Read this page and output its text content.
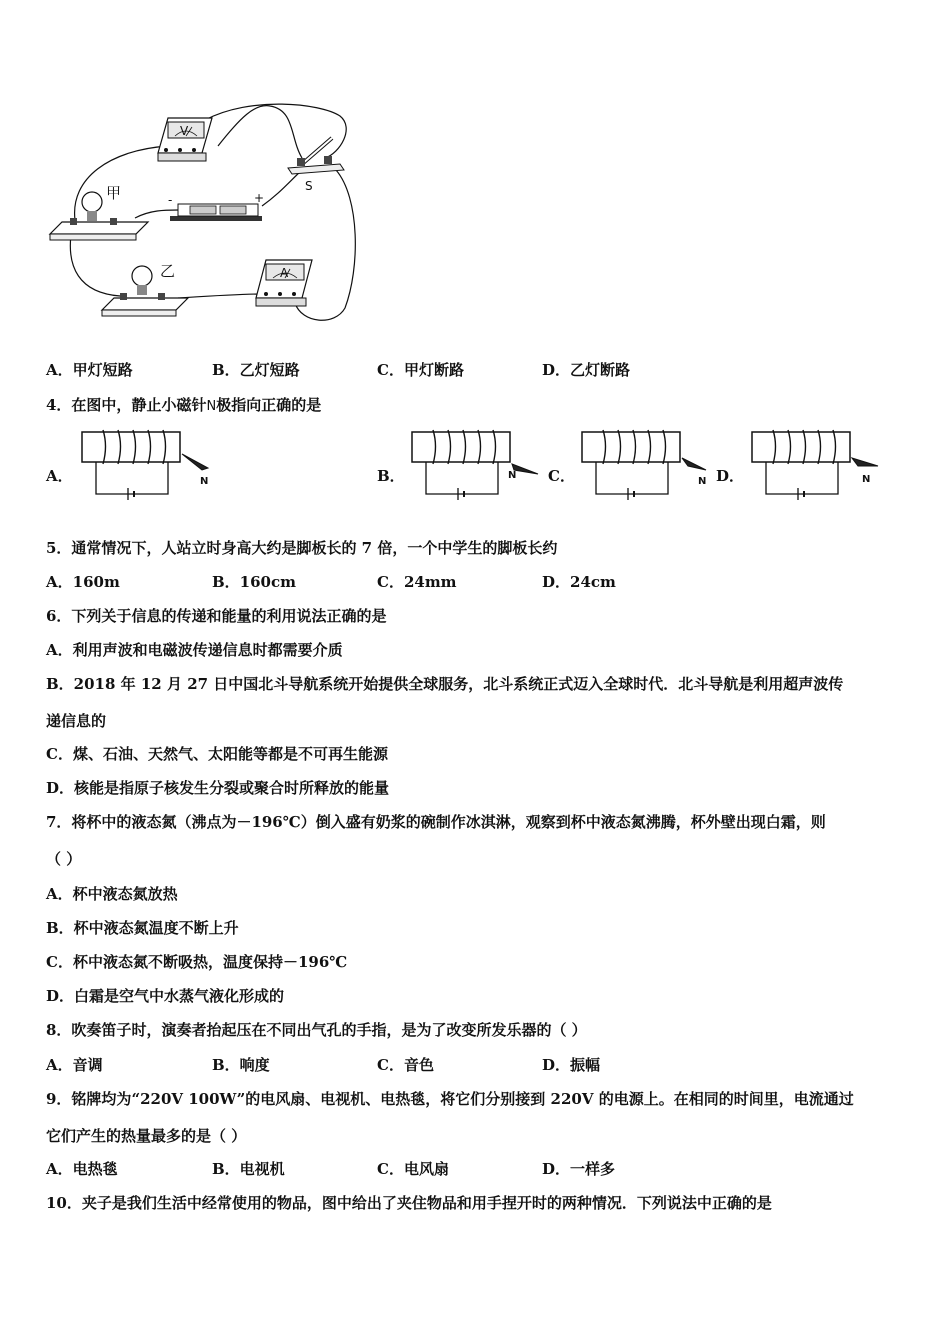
V
S
-	+
甲
乙	A
A．甲灯短路	B．乙灯短路	C．甲灯断路	D．乙灯断路
4．在图中，静止小磁针N极指向正确的是
A．	B．	C．	D．
N
N
N	N
5．通常情况下，人站立时身高大约是脚板长的 7 倍，一个中学生的脚板长约
A．160m	B．160cm	C．24mm	D．24cm
6．下列关于信息的传递和能量的利用说法正确的是
A．利用声波和电磁波传递信息时都需要介质
B．2018 年 12 月 27 日中国北斗导航系统开始提供全球服务，北斗系统正式迈入全球时代．北斗导航是利用超声波传
递信息的
C．煤、石油、天然气、太阳能等都是不可再生能源
D．核能是指原子核发生分裂或聚合时所释放的能量
7．将杯中的液态氮（沸点为－196℃）倒入盛有奶浆的碗制作冰淇淋，观察到杯中液态氮沸腾，杯外壁出现白霜，则
（ ）
A．杯中液态氮放热
B．杯中液态氮温度不断上升
C．杯中液态氮不断吸热，温度保持－196℃
D．白霜是空气中水蒸气液化形成的
8．吹奏笛子时，演奏者抬起压在不同出气孔的手指，是为了改变所发乐器的（ ）
A．音调	B．响度	C．音色	D．振幅
9．铭牌均为“220V 100W”的电风扇、电视机、电热毯，将它们分别接到 220V 的电源上。在相同的时间里，电流通过
它们产生的热量最多的是（ ）
A．电热毯	B．电视机	C．电风扇	D．一样多
10．夹子是我们生活中经常使用的物品，图中给出了夹住物品和用手捏开时的两种情况．下列说法中正确的是
